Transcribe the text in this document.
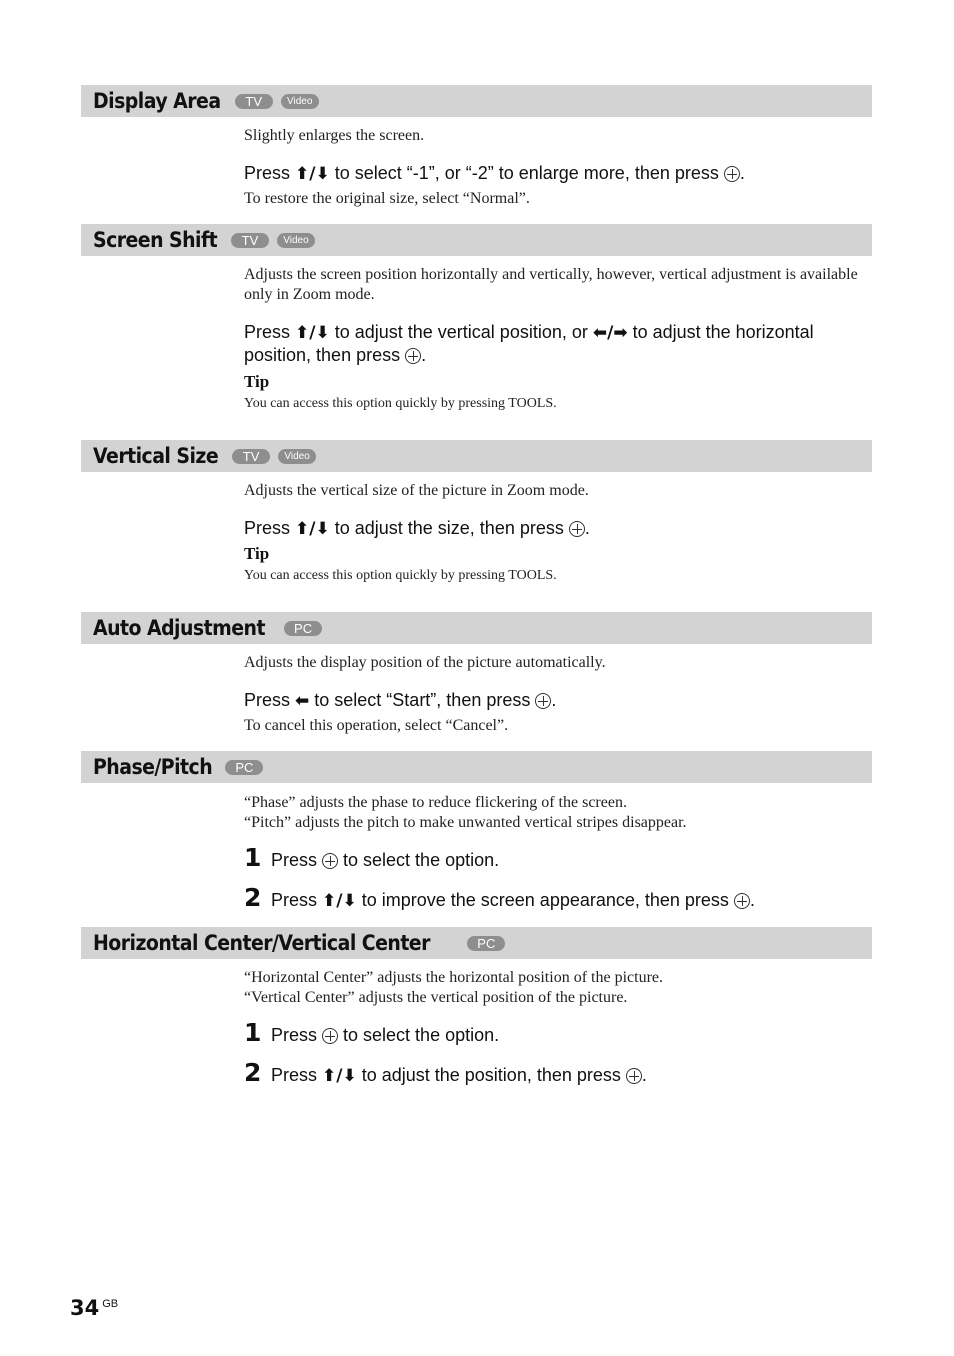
Display Area	TV	Video

Slightly enlarges the screen.

Press ⬆/⬇ to select “-1”, or “-2” to enlarge more, then press .

To restore the original size, select “Normal”.

Screen Shift	TV	Video

Adjusts the screen position horizontally and vertically, however, vertical adjustment is available only in Zoom mode.

Press ⬆/⬇ to adjust the vertical position, or ⬅/➡ to adjust the horizontal position, then press .

Tip

You can access this option quickly by pressing TOOLS.

Vertical Size	TV	Video

Adjusts the vertical size of the picture in Zoom mode.

Press ⬆/⬇ to adjust the size, then press .

Tip

You can access this option quickly by pressing TOOLS.

Auto Adjustment	PC

Adjusts the display position of the picture automatically.

Press ⬅ to select “Start”, then press .

To cancel this operation, select “Cancel”.

Phase/Pitch	PC

“Phase” adjusts the phase to reduce flickering of the screen.

“Pitch” adjusts the pitch to make unwanted vertical stripes disappear.

1 Press  to select the option.
2 Press ⬆/⬇ to improve the screen appearance, then press .
Horizontal Center/Vertical Center	PC

“Horizontal Center” adjusts the horizontal position of the picture.

“Vertical Center” adjusts the vertical position of the picture.

1 Press  to select the option.
2 Press ⬆/⬇ to adjust the position, then press .
34 $^{GB}$
